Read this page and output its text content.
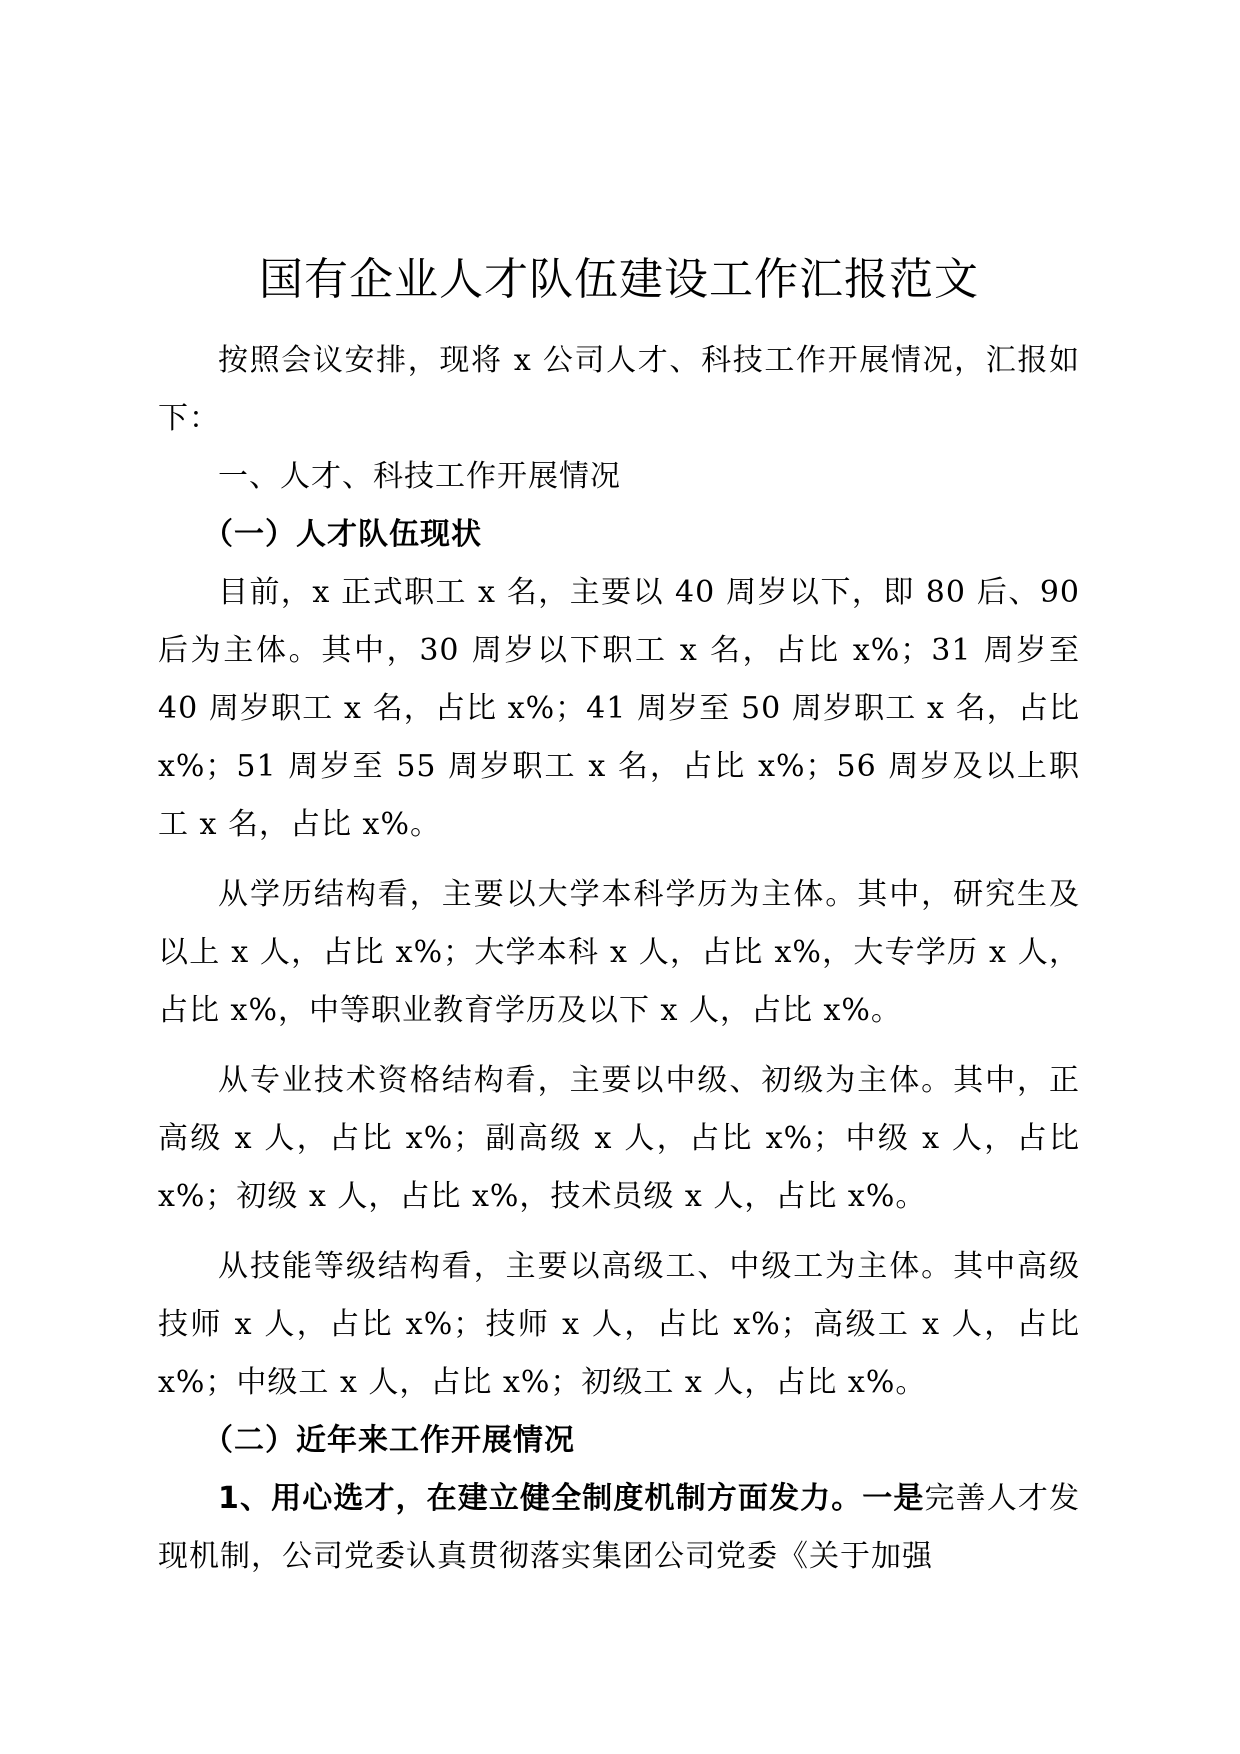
国有企业人才队伍建设工作汇报范文

按照会议安排，现将 x 公司人才、科技工作开展情况，汇报如下：

一、人才、科技工作开展情况

（一）人才队伍现状

目前，x 正式职工 x 名，主要以 40 周岁以下，即 80 后、90 后为主体。其中，30 周岁以下职工 x 名，占比 x%；31 周岁至 40 周岁职工 x 名，占比 x%；41 周岁至 50 周岁职工 x 名，占比 x%；51 周岁至 55 周岁职工 x 名，占比 x%；56 周岁及以上职工 x 名，占比 x%。

从学历结构看，主要以大学本科学历为主体。其中，研究生及以上 x 人，占比 x%；大学本科 x 人，占比 x%，大专学历 x 人，占比 x%，中等职业教育学历及以下 x 人，占比 x%。

从专业技术资格结构看，主要以中级、初级为主体。其中，正高级 x 人，占比 x%；副高级 x 人，占比 x%；中级 x 人，占比 x%；初级 x 人，占比 x%，技术员级 x 人，占比 x%。

从技能等级结构看，主要以高级工、中级工为主体。其中高级技师 x 人，占比 x%；技师 x 人，占比 x%；高级工 x 人，占比 x%；中级工 x 人，占比 x%；初级工 x 人，占比 x%。

（二）近年来工作开展情况

1、用心选才，在建立健全制度机制方面发力。一是完善人才发现机制，公司党委认真贯彻落实集团公司党委《关于加强
